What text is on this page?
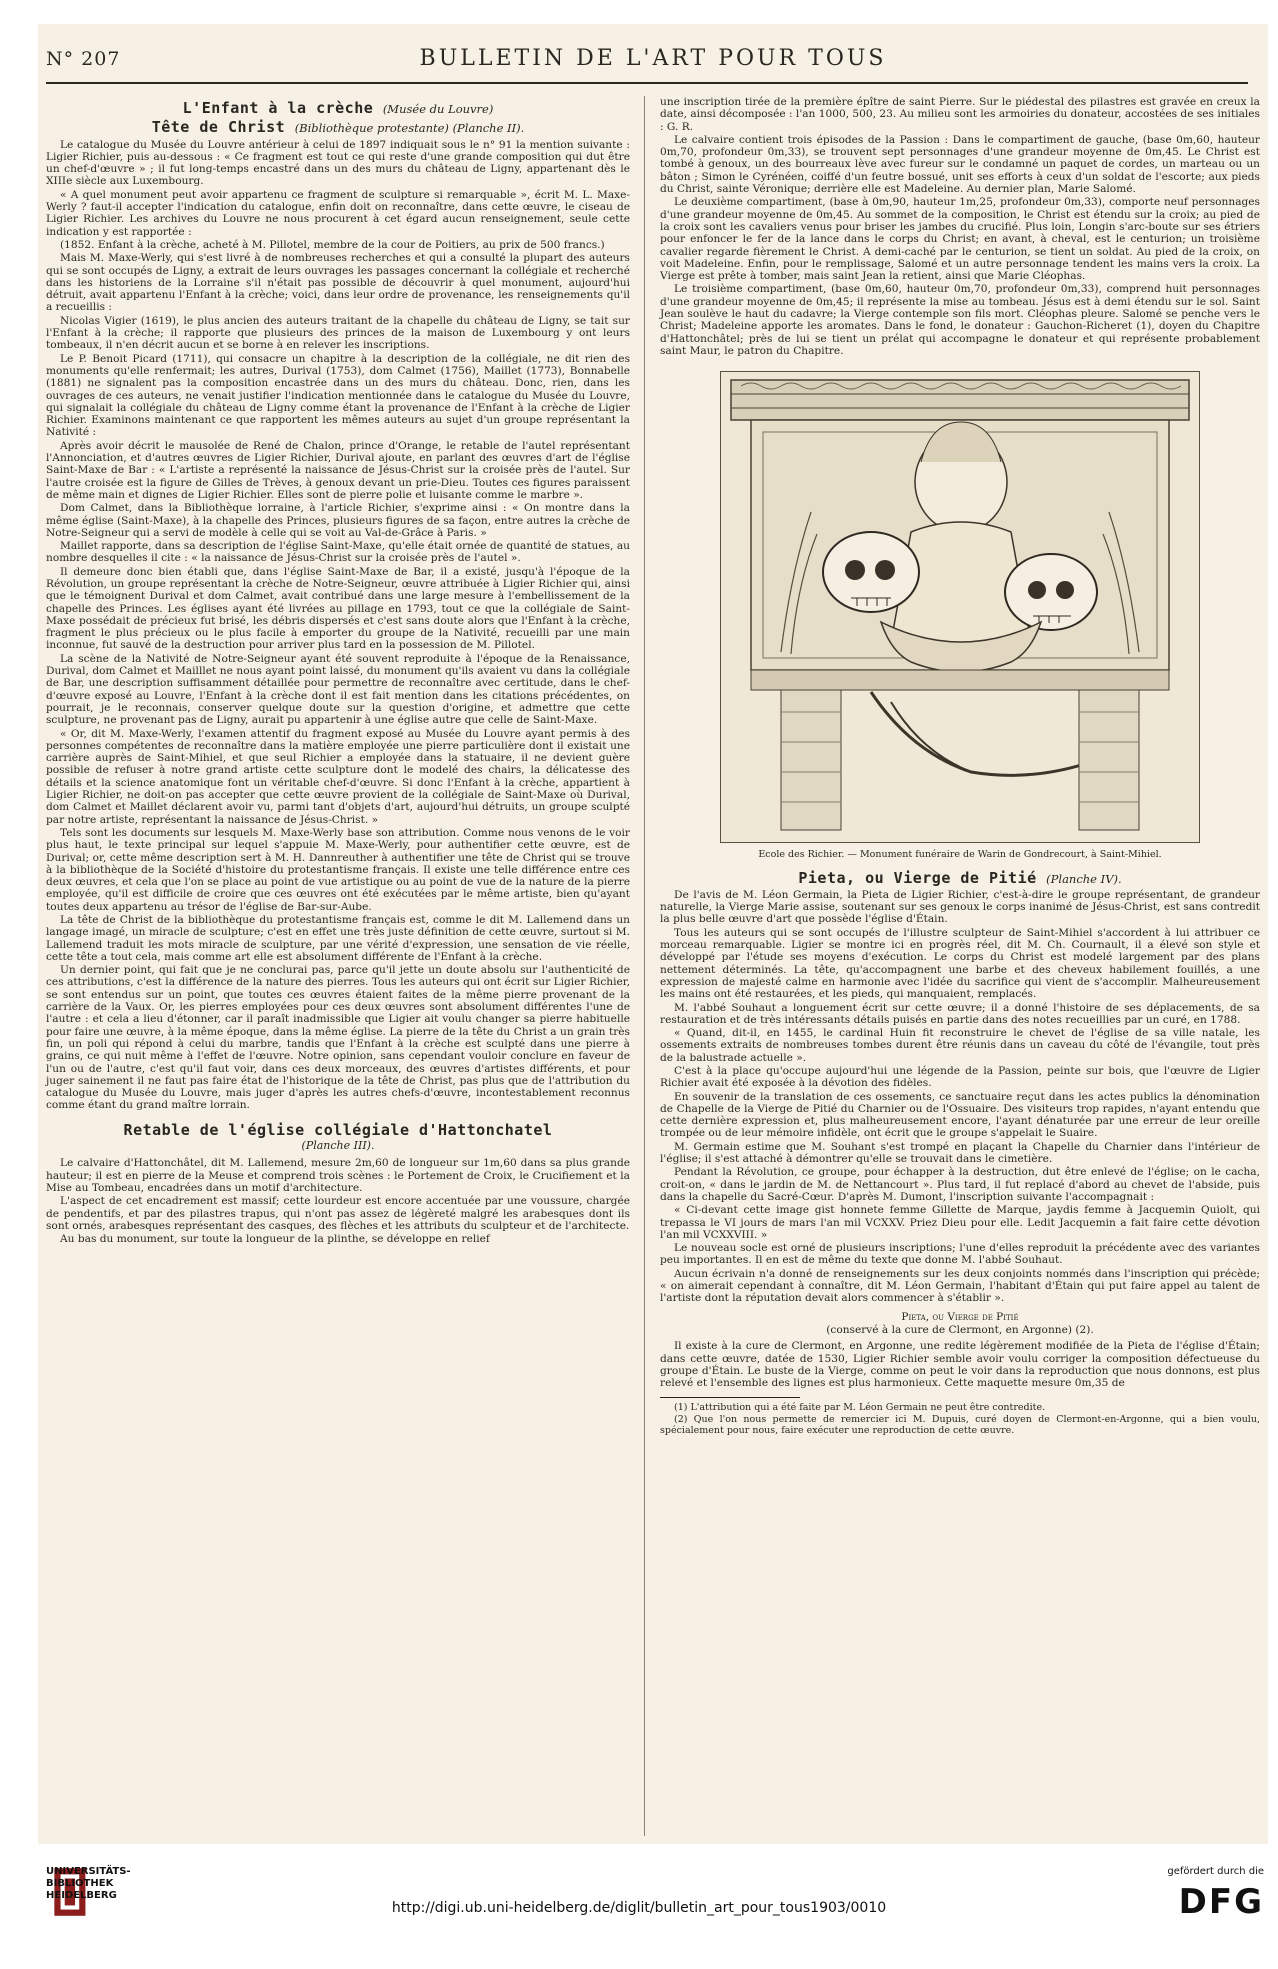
N° 207	BULLETIN DE L'ART POUR TOUS
L'Enfant à la crèche (Musée du Louvre)
Tête de Christ (Bibliothèque protestante) (Planche II).

Le catalogue du Musée du Louvre antérieur à celui de 1897 indiquait sous le n° 91 la mention suivante : Ligier Richier, puis au-dessous : « Ce fragment est tout ce qui reste d'une grande composition qui dut être un chef-d'œuvre » ; il fut long-temps encastré dans un des murs du château de Ligny, appartenant dès le XIIIe siècle aux Luxembourg.

« A quel monument peut avoir appartenu ce fragment de sculpture si remarquable », écrit M. L. Maxe-Werly ? faut-il accepter l'indication du catalogue, enfin doit on reconnaître, dans cette œuvre, le ciseau de Ligier Richier. Les archives du Louvre ne nous procurent à cet égard aucun renseignement, seule cette indication y est rapportée :

(1852. Enfant à la crèche, acheté à M. Pillotel, membre de la cour de Poitiers, au prix de 500 francs.)

Mais M. Maxe-Werly, qui s'est livré à de nombreuses recherches et qui a consulté la plupart des auteurs qui se sont occupés de Ligny, a extrait de leurs ouvrages les passages concernant la collégiale et recherché dans les historiens de la Lorraine s'il n'était pas possible de découvrir à quel monument, aujourd'hui détruit, avait appartenu l'Enfant à la crèche; voici, dans leur ordre de provenance, les renseignements qu'il a recueillis :

Nicolas Vigier (1619), le plus ancien des auteurs traitant de la chapelle du château de Ligny, se tait sur l'Enfant à la crèche; il rapporte que plusieurs des princes de la maison de Luxembourg y ont leurs tombeaux, il n'en décrit aucun et se borne à en relever les inscriptions.

Le P. Benoit Picard (1711), qui consacre un chapitre à la description de la collégiale, ne dit rien des monuments qu'elle renfermait; les autres, Durival (1753), dom Calmet (1756), Maillet (1773), Bonnabelle (1881) ne signalent pas la composition encastrée dans un des murs du château. Donc, rien, dans les ouvrages de ces auteurs, ne venait justifier l'indication mentionnée dans le catalogue du Musée du Louvre, qui signalait la collégiale du château de Ligny comme étant la provenance de l'Enfant à la crèche de Ligier Richier. Examinons maintenant ce que rapportent les mêmes auteurs au sujet d'un groupe représentant la Nativité :

Après avoir décrit le mausolée de René de Chalon, prince d'Orange, le retable de l'autel représentant l'Annonciation, et d'autres œuvres de Ligier Richier, Durival ajoute, en parlant des œuvres d'art de l'église Saint-Maxe de Bar : « L'artiste a représenté la naissance de Jésus-Christ sur la croisée près de l'autel. Sur l'autre croisée est la figure de Gilles de Trèves, à genoux devant un prie-Dieu. Toutes ces figures paraissent de même main et dignes de Ligier Richier. Elles sont de pierre polie et luisante comme le marbre ».

Dom Calmet, dans la Bibliothèque lorraine, à l'article Richier, s'exprime ainsi : « On montre dans la même église (Saint-Maxe), à la chapelle des Princes, plusieurs figures de sa façon, entre autres la crèche de Notre-Seigneur qui a servi de modèle à celle qui se voit au Val-de-Grâce à Paris. »

Maillet rapporte, dans sa description de l'église Saint-Maxe, qu'elle était ornée de quantité de statues, au nombre desquelles il cite : « la naissance de Jésus-Christ sur la croisée près de l'autel ».

Il demeure donc bien établi que, dans l'église Saint-Maxe de Bar, il a existé, jusqu'à l'époque de la Révolution, un groupe représentant la crèche de Notre-Seigneur, œuvre attribuée à Ligier Richier qui, ainsi que le témoignent Durival et dom Calmet, avait contribué dans une large mesure à l'embellissement de la chapelle des Princes. Les églises ayant été livrées au pillage en 1793, tout ce que la collégiale de Saint-Maxe possédait de précieux fut brisé, les débris dispersés et c'est sans doute alors que l'Enfant à la crèche, fragment le plus précieux ou le plus facile à emporter du groupe de la Nativité, recueilli par une main inconnue, fut sauvé de la destruction pour arriver plus tard en la possession de M. Pillotel.

La scène de la Nativité de Notre-Seigneur ayant été souvent reproduite à l'époque de la Renaissance, Durival, dom Calmet et Mailllet ne nous ayant point laissé, du monument qu'ils avaient vu dans la collégiale de Bar, une description suffisamment détaillée pour permettre de reconnaître avec certitude, dans le chef-d'œuvre exposé au Louvre, l'Enfant à la crèche dont il est fait mention dans les citations précédentes, on pourrait, je le reconnais, conserver quelque doute sur la question d'origine, et admettre que cette sculpture, ne provenant pas de Ligny, aurait pu appartenir à une église autre que celle de Saint-Maxe.

« Or, dit M. Maxe-Werly, l'examen attentif du fragment exposé au Musée du Louvre ayant permis à des personnes compétentes de reconnaître dans la matière employée une pierre particulière dont il existait une carrière auprès de Saint-Mihiel, et que seul Richier a employée dans la statuaire, il ne devient guère possible de refuser à notre grand artiste cette sculpture dont le modelé des chairs, la délicatesse des détails et la science anatomique font un véritable chef-d'œuvre. Si donc l'Enfant à la crèche, appartient à Ligier Richier, ne doit-on pas accepter que cette œuvre provient de la collégiale de Saint-Maxe où Durival, dom Calmet et Maillet déclarent avoir vu, parmi tant d'objets d'art, aujourd'hui détruits, un groupe sculpté par notre artiste, représentant la naissance de Jésus-Christ. »

Tels sont les documents sur lesquels M. Maxe-Werly base son attribution. Comme nous venons de le voir plus haut, le texte principal sur lequel s'appuie M. Maxe-Werly, pour authentifier cette œuvre, est de Durival; or, cette même description sert à M. H. Dannreuther à authentifier une tête de Christ qui se trouve à la bibliothèque de la Société d'histoire du protestantisme français. Il existe une telle différence entre ces deux œuvres, et cela que l'on se place au point de vue artistique ou au point de vue de la nature de la pierre employée, qu'il est difficile de croire que ces œuvres ont été exécutées par le même artiste, bien qu'ayant toutes deux appartenu au trésor de l'église de Bar-sur-Aube.

La tête de Christ de la bibliothèque du protestantisme français est, comme le dit M. Lallemend dans un langage imagé, un miracle de sculpture; c'est en effet une très juste définition de cette œuvre, surtout si M. Lallemend traduit les mots miracle de sculpture, par une vérité d'expression, une sensation de vie réelle, cette tête a tout cela, mais comme art elle est absolument différente de l'Enfant à la crèche.

Un dernier point, qui fait que je ne conclurai pas, parce qu'il jette un doute absolu sur l'authenticité de ces attributions, c'est la différence de la nature des pierres. Tous les auteurs qui ont écrit sur Ligier Richier, se sont entendus sur un point, que toutes ces œuvres étaient faites de la même pierre provenant de la carrière de la Vaux. Or, les pierres employées pour ces deux œuvres sont absolument différentes l'une de l'autre : et cela a lieu d'étonner, car il paraît inadmissible que Ligier ait voulu changer sa pierre habituelle pour faire une œuvre, à la même époque, dans la même église. La pierre de la tête du Christ a un grain très fin, un poli qui répond à celui du marbre, tandis que l'Enfant à la crèche est sculpté dans une pierre à grains, ce qui nuit même à l'effet de l'œuvre. Notre opinion, sans cependant vouloir conclure en faveur de l'un ou de l'autre, c'est qu'il faut voir, dans ces deux morceaux, des œuvres d'artistes différents, et pour juger sainement il ne faut pas faire état de l'historique de la tête de Christ, pas plus que de l'attribution du catalogue du Musée du Louvre, mais juger d'après les autres chefs-d'œuvre, incontestablement reconnus comme étant du grand maître lorrain.

Retable de l'église collégiale d'Hattonchatel
(Planche III).

Le calvaire d'Hattonchâtel, dit M. Lallemend, mesure 2m,60 de longueur sur 1m,60 dans sa plus grande hauteur; il est en pierre de la Meuse et comprend trois scènes : le Portement de Croix, le Crucifiement et la Mise au Tombeau, encadrées dans un motif d'architecture.

L'aspect de cet encadrement est massif; cette lourdeur est encore accentuée par une voussure, chargée de pendentifs, et par des pilastres trapus, qui n'ont pas assez de légèreté malgré les arabesques dont ils sont ornés, arabesques représentant des casques, des flèches et les attributs du sculpteur et de l'architecte.

Au bas du monument, sur toute la longueur de la plinthe, se développe en relief

une inscription tirée de la première épître de saint Pierre. Sur le piédestal des pilastres est gravée en creux la date, ainsi décomposée : l'an 1000, 500, 23. Au milieu sont les armoiries du donateur, accostées de ses initiales : G. R.

Le calvaire contient trois épisodes de la Passion : Dans le compartiment de gauche, (base 0m,60, hauteur 0m,70, profondeur 0m,33), se trouvent sept personnages d'une grandeur moyenne de 0m,45. Le Christ est tombé à genoux, un des bourreaux lève avec fureur sur le condamné un paquet de cordes, un marteau ou un bâton ; Simon le Cyrénéen, coiffé d'un feutre bossué, unit ses efforts à ceux d'un soldat de l'escorte; aux pieds du Christ, sainte Véronique; derrière elle est Madeleine. Au dernier plan, Marie Salomé.

Le deuxième compartiment, (base à 0m,90, hauteur 1m,25, profondeur 0m,33), comporte neuf personnages d'une grandeur moyenne de 0m,45. Au sommet de la composition, le Christ est étendu sur la croix; au pied de la croix sont les cavaliers venus pour briser les jambes du crucifié. Plus loin, Longin s'arc-boute sur ses étriers pour enfoncer le fer de la lance dans le corps du Christ; en avant, à cheval, est le centurion; un troisième cavalier regarde fièrement le Christ. A demi-caché par le centurion, se tient un soldat. Au pied de la croix, on voit Madeleine. Enfin, pour le remplissage, Salomé et un autre personnage tendent les mains vers la croix. La Vierge est prête à tomber, mais saint Jean la retient, ainsi que Marie Cléophas.

Le troisième compartiment, (base 0m,60, hauteur 0m,70, profondeur 0m,33), comprend huit personnages d'une grandeur moyenne de 0m,45; il représente la mise au tombeau. Jésus est à demi étendu sur le sol. Saint Jean soulève le haut du cadavre; la Vierge contemple son fils mort. Cléophas pleure. Salomé se penche vers le Christ; Madeleine apporte les aromates. Dans le fond, le donateur : Gauchon-Richeret (1), doyen du Chapitre d'Hattonchâtel; près de lui se tient un prélat qui accompagne le donateur et qui représente probablement saint Maur, le patron du Chapitre.

Ecole des Richier. — Monument funéraire de Warin de Gondrecourt, à Saint-Mihiel.
Pieta, ou Vierge de Pitié (Planche IV).

De l'avis de M. Léon Germain, la Pieta de Ligier Richier, c'est-à-dire le groupe représentant, de grandeur naturelle, la Vierge Marie assise, soutenant sur ses genoux le corps inanimé de Jésus-Christ, est sans contredit la plus belle œuvre d'art que possède l'église d'Étain.

Tous les auteurs qui se sont occupés de l'illustre sculpteur de Saint-Mihiel s'accordent à lui attribuer ce morceau remarquable. Ligier se montre ici en progrès réel, dit M. Ch. Cournault, il a élevé son style et développé par l'étude ses moyens d'exécution. Le corps du Christ est modelé largement par des plans nettement déterminés. La tête, qu'accompagnent une barbe et des cheveux habilement fouillés, a une expression de majesté calme en harmonie avec l'idée du sacrifice qui vient de s'accomplir. Malheureusement les mains ont été restaurées, et les pieds, qui manquaient, remplacés.

M. l'abbé Souhaut a longuement écrit sur cette œuvre; il a donné l'histoire de ses déplacements, de sa restauration et de très intéressants détails puisés en partie dans des notes recueillies par un curé, en 1788.

« Quand, dit-il, en 1455, le cardinal Huin fit reconstruire le chevet de l'église de sa ville natale, les ossements extraits de nombreuses tombes durent être réunis dans un caveau du côté de l'évangile, tout près de la balustrade actuelle ».

C'est à la place qu'occupe aujourd'hui une légende de la Passion, peinte sur bois, que l'œuvre de Ligier Richier avait été exposée à la dévotion des fidèles.

En souvenir de la translation de ces ossements, ce sanctuaire reçut dans les actes publics la dénomination de Chapelle de la Vierge de Pitié du Charnier ou de l'Ossuaire. Des visiteurs trop rapides, n'ayant entendu que cette dernière expression et, plus malheureusement encore, l'ayant dénaturée par une erreur de leur oreille trompée ou de leur mémoire infidèle, ont écrit que le groupe s'appelait le Suaire.

M. Germain estime que M. Souhant s'est trompé en plaçant la Chapelle du Charnier dans l'intérieur de l'église; il s'est attaché à démontrer qu'elle se trouvait dans le cimetière.

Pendant la Révolution, ce groupe, pour échapper à la destruction, dut être enlevé de l'église; on le cacha, croit-on, « dans le jardin de M. de Nettancourt ». Plus tard, il fut replacé d'abord au chevet de l'abside, puis dans la chapelle du Sacré-Cœur. D'après M. Dumont, l'inscription suivante l'accompagnait :

« Ci-devant cette image gist honnete femme Gillette de Marque, jaydis femme à Jacquemin Quiolt, qui trepassa le VI jours de mars l'an mil VCXXV. Priez Dieu pour elle. Ledit Jacquemin a fait faire cette dévotion l'an mil VCXXVIII. »

Le nouveau socle est orné de plusieurs inscriptions; l'une d'elles reproduit la précédente avec des variantes peu importantes. Il en est de même du texte que donne M. l'abbé Souhaut.

Aucun écrivain n'a donné de renseignements sur les deux conjoints nommés dans l'inscription qui précède; « on aimerait cependant à connaître, dit M. Léon Germain, l'habitant d'Étain qui put faire appel au talent de l'artiste dont la réputation devait alors commencer à s'établir ».

Pieta, ou Vierge de Pitié
(conservé à la cure de Clermont, en Argonne) (2).

Il existe à la cure de Clermont, en Argonne, une redite légèrement modifiée de la Pieta de l'église d'Étain; dans cette œuvre, datée de 1530, Ligier Richier semble avoir voulu corriger la composition défectueuse du groupe d'Étain. Le buste de la Vierge, comme on peut le voir dans la reproduction que nous donnons, est plus relevé et l'ensemble des lignes est plus harmonieux. Cette maquette mesure 0m,35 de

(1) L'attribution qui a été faite par M. Léon Germain ne peut être contredite.

(2) Que l'on nous permette de remercier ici M. Dupuis, curé doyen de Clermont-en-Argonne, qui a bien voulu, spécialement pour nous, faire exécuter une reproduction de cette œuvre.

UNIVERSITÄTS-
BIBLIOTHEK
HEIDELBERG
http://digi.ub.uni-heidelberg.de/diglit/bulletin_art_pour_tous1903/0010
gefördert durch die
DFG
